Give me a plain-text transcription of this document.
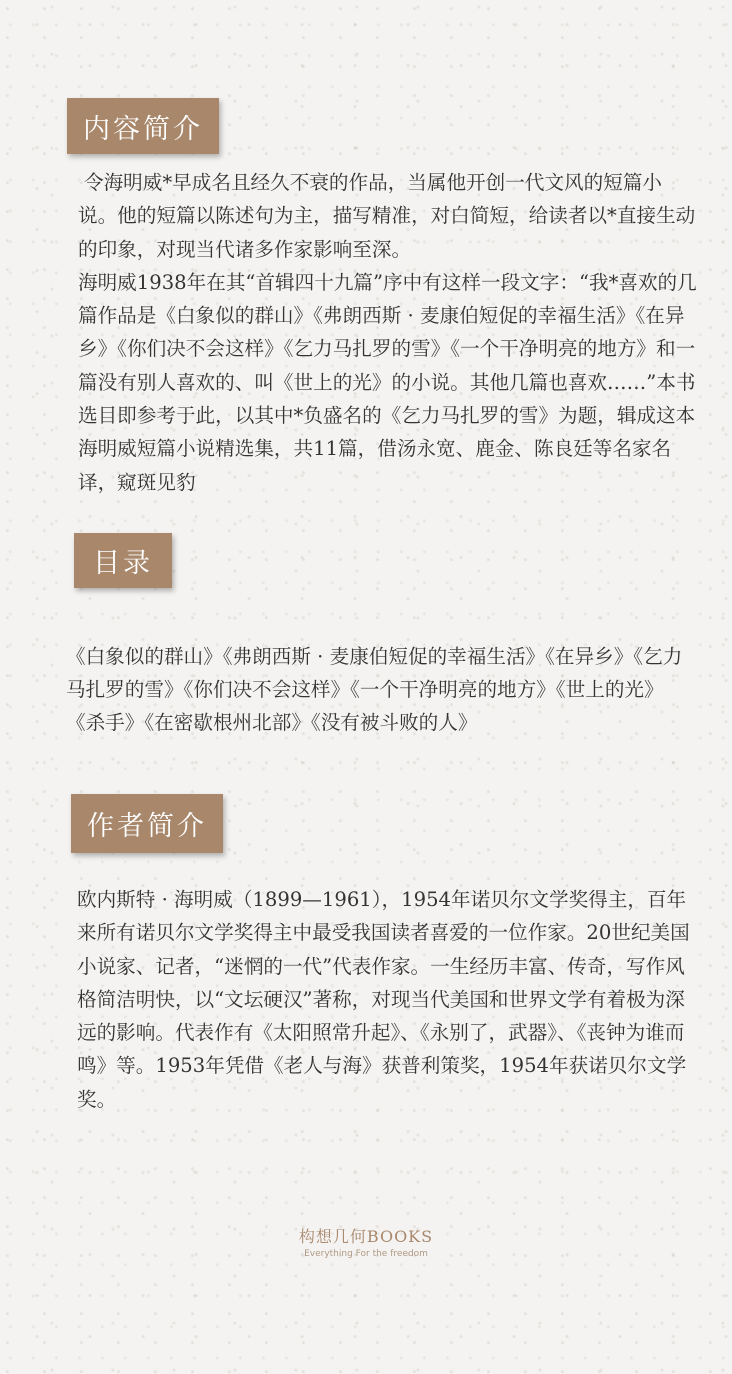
内容简介

令海明威*早成名且经久不衰的作品，当属他开创一代文风的短篇小说。他的短篇以陈述句为主，描写精准，对白简短，给读者以*直接生动的印象，对现当代诸多作家影响至深。

海明威1938年在其“首辑四十九篇”序中有这样一段文字：“我*喜欢的几篇作品是《白象似的群山》《弗朗西斯 · 麦康伯短促的幸福生活》《在异乡》《你们决不会这样》《乞力马扎罗的雪》《一个干净明亮的地方》和一篇没有别人喜欢的、叫《世上的光》的小说。其他几篇也喜欢……”本书选目即参考于此，以其中*负盛名的《乞力马扎罗的雪》为题，辑成这本海明威短篇小说精选集，共11篇，借汤永宽、鹿金、陈良廷等名家名译，窥斑见豹

目录

《白象似的群山》《弗朗西斯 · 麦康伯短促的幸福生活》《在异乡》《乞力马扎罗的雪》《你们决不会这样》《一个干净明亮的地方》《世上的光》《杀手》《在密歇根州北部》《没有被斗败的人》

作者简介

欧内斯特 · 海明威（1899—1961），1954年诺贝尔文学奖得主，百年来所有诺贝尔文学奖得主中最受我国读者喜爱的一位作家。20世纪美国小说家、记者，“迷惘的一代”代表作家。一生经历丰富、传奇，写作风格简洁明快，以“文坛硬汉”著称，对现当代美国和世界文学有着极为深远的影响。代表作有《太阳照常升起》、《永别了，武器》、《丧钟为谁而鸣》等。1953年凭借《老人与海》获普利策奖，1954年获诺贝尔文学奖。

构想几何BOOKS
Everything For the freedom
